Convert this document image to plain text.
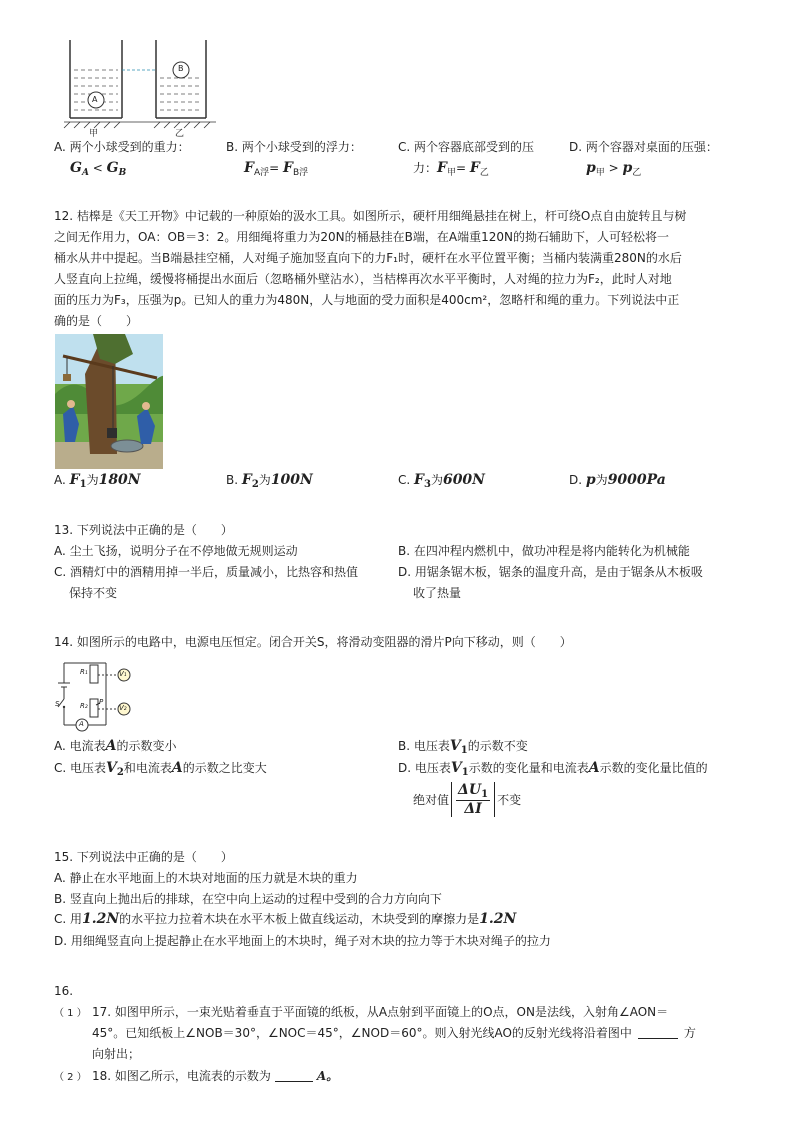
A
B
甲	乙
A. 两个小球受到的重力：
$G_A < G_B$
B. 两个小球受到的浮力：
$F_{A浮}= F_{B浮}$
C. 两个容器底部受到的压
力：$F_甲= F_乙$
D. 两个容器对桌面的压强：
$p_甲 > p_乙$
12. 桔槔是《天工开物》中记载的一种原始的汲水工具。如图所示，硬杆用细绳悬挂在树上，杆可绕O点自由旋转且与树
之间无作用力，OA：OB＝3：2。用细绳将重力为20N的桶悬挂在B端，在A端重120N的拗石辅助下，人可轻松将一
桶水从井中提起。当B端悬挂空桶，人对绳子施加竖直向下的力F₁时，硬杆在水平位置平衡；当桶内装满重280N的水后
人竖直向上拉绳，缓慢将桶提出水面后（忽略桶外壁沾水），当桔槔再次水平平衡时，人对绳的拉力为F₂，此时人对地
面的压力为F₃，压强为p。已知人的重力为480N，人与地面的受力面积是400cm²，忽略杆和绳的重力。下列说法中正
确的是（　　）
A. $F_1$为180N	B. $F_2$为100N	C. $F_3$为600N	D. p为9000Pa
13. 下列说法中正确的是（　　）
A. 尘土飞扬，说明分子在不停地做无规则运动	B. 在四冲程内燃机中，做功冲程是将内能转化为机械能
C. 酒精灯中的酒精用掉一半后，质量减小，比热容和热值
保持不变
D. 用锯条锯木板，锯条的温度升高，是由于锯条从木板吸
收了热量
14. 如图所示的电路中，电源电压恒定。闭合开关S，将滑动变阻器的滑片P向下移动，则（　　）
R₁
R₂
V₁
V₂
A
P
S
A. 电流表A的示数变小	B. 电压表$V_1$的示数不变
C. 电压表$V_2$和电流表A的示数之比变大	D. 电压表$V_1$示数的变化量和电流表A示数的变化量比值的
绝对值 $\frac{\Delta U_1}{\Delta I}$ 不变
15. 下列说法中正确的是（　　）
A. 静止在水平地面上的木块对地面的压力就是木块的重力
B. 竖直向上抛出后的排球，在空中向上运动的过程中受到的合力方向向下
C. 用1.2N的水平拉力拉着木块在水平木板上做直线运动，木块受到的摩擦力是1.2N
D. 用细绳竖直向上提起静止在水平地面上的木块时，绳子对木块的拉力等于木块对绳子的拉力
16.
（ 1 ） 17. 如图甲所示，一束光贴着垂直于平面镜的纸板，从A点射到平面镜上的O点，ON是法线，入射角∠AON＝
45°。已知纸板上∠NOB＝30°，∠NOC＝45°，∠NOD＝60°。则入射光线AO的反射光线将沿着图中	方
向射出；
（ 2 ） 18. 如图乙所示，电流表的示数为	A。
